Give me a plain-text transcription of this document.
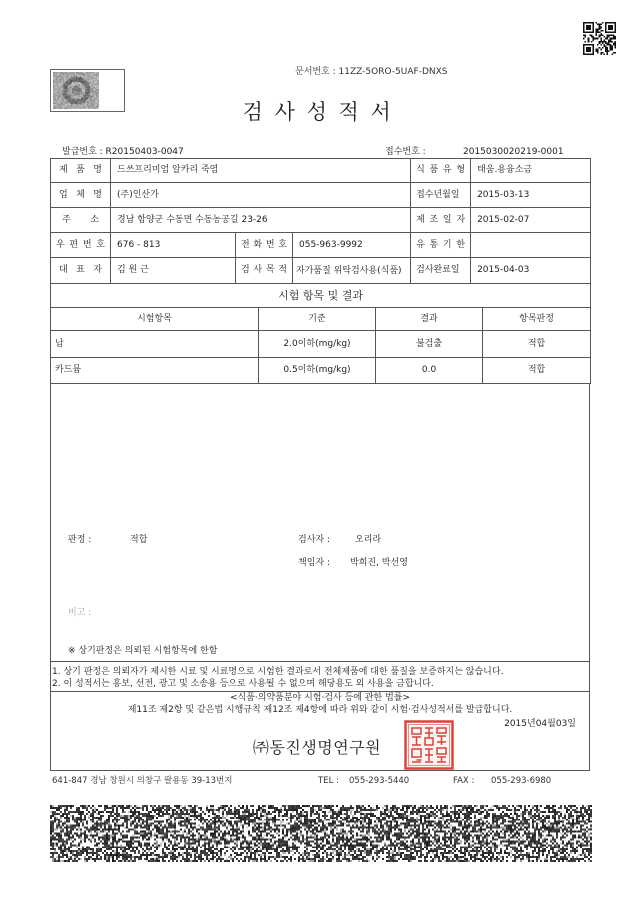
문서번호 : 11ZZ-5ORO-5UAF-DNXS
검 사 성 적 서
발급번호 : R20150403-0047	접수번호 :	2015030020219-0001
제 품 명	드쓰프리미엄 알카리 죽염					식 품 유 형	태움.용융소금	
업 체 명	(주)인산가					접수년월일	2015-03-13	
주 소	경남 함양군 수동면 수동농공길 23-26					제 조 일 자	2015-02-07	
우 편 번 호	676 - 813	전 화 번 호		055-963-9992		유 통 기 한		
대 표 자	김 원 근	검 사 목 적		자가품질 위탁검사용(식품)		검사완료일	2015-04-03	
시험 항목 및 결과								
시험항목			기준		결과			항목판정
납			2.0이하(mg/kg)		불검출			적합
카드뮴			0.5이하(mg/kg)		0.0			적합
판정 :	적합	검사자 :	오리라
책임자 :	박희진, 박선영
비고 :
※ 상기판정은 의뢰된 시험항목에 한함
1. 상기 판정은 의뢰자가 제시한 시료 및 시료명으로 시험한 결과로서 전체제품에 대한 품질을 보증하지는 않습니다.
2. 이 성적서는 홍보, 선전, 광고 및 소송용 등으로 사용될 수 없으며 해당용도 외 사용을 금합니다.
<식품·의약품분야 시험·검사 등에 관한 법률>
제11조 제2항 및 같은법 시행규칙 제12조 제4항에 따라 위와 같이 시험·검사성적서를 발급합니다.
2015년04월03일
㈜동진생명연구원
641-847 경남 창원시 의창구 팔용동 39-13번지	TEL :	055-293-5440	FAX :	055-293-6980
